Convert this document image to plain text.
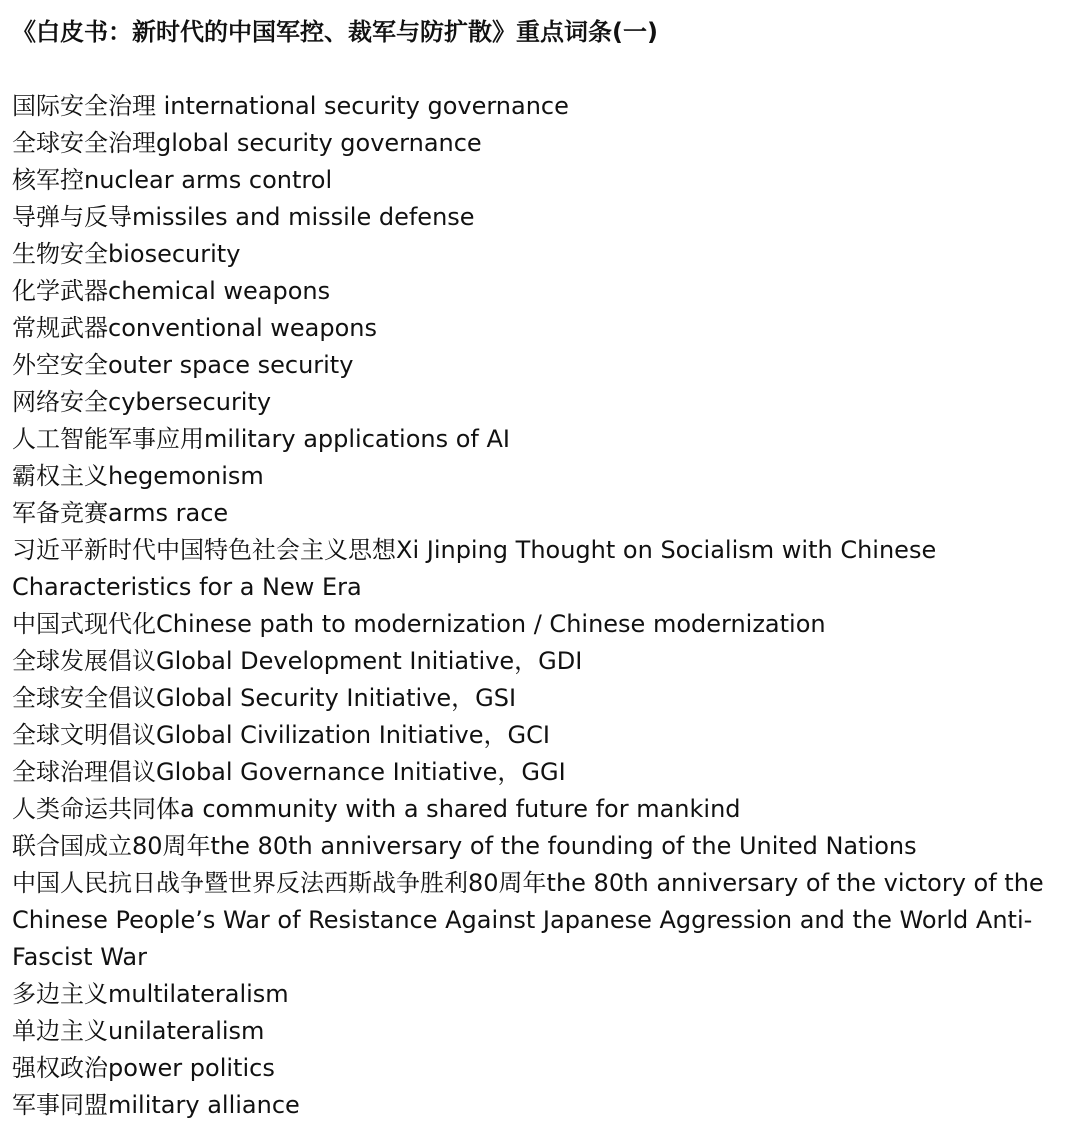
《白皮书：新时代的中国军控、裁军与防扩散》重点词条(一)
国际安全治理 international security governance
全球安全治理global security governance
核军控nuclear arms control
导弹与反导missiles and missile defense
生物安全biosecurity
化学武器chemical weapons
常规武器conventional weapons
外空安全outer space security
网络安全cybersecurity
人工智能军事应用military applications of AI
霸权主义hegemonism
军备竞赛arms race
习近平新时代中国特色社会主义思想Xi Jinping Thought on Socialism with Chinese Characteristics for a New Era
中国式现代化Chinese path to modernization / Chinese modernization
全球发展倡议Global Development Initiative，GDI
全球安全倡议Global Security Initiative，GSI
全球文明倡议Global Civilization Initiative，GCI
全球治理倡议Global Governance Initiative，GGI
人类命运共同体a community with a shared future for mankind
联合国成立80周年the 80th anniversary of the founding of the United Nations
中国人民抗日战争暨世界反法西斯战争胜利80周年the 80th anniversary of the victory of the Chinese People’s War of Resistance Against Japanese Aggression and the World Anti-Fascist War
多边主义multilateralism
单边主义unilateralism
强权政治power politics
军事同盟military alliance
